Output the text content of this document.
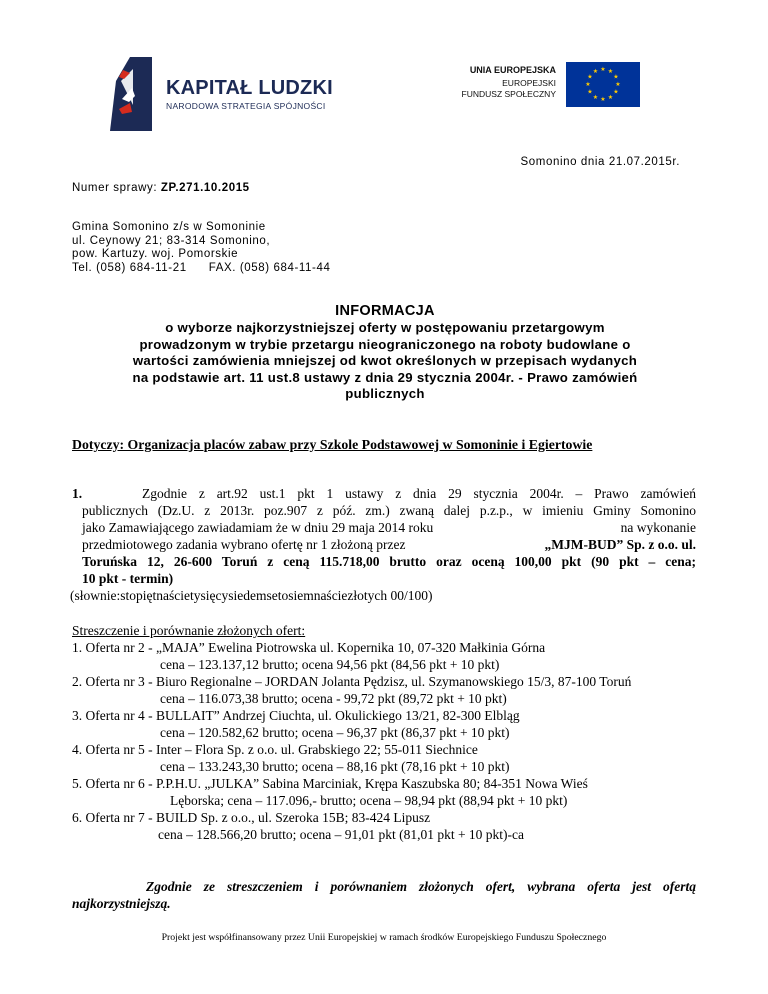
KAPITAŁ LUDZKI
NARODOWA STRATEGIA SPÓJNOŚCI
UNIA EUROPEJSKA
EUROPEJSKI
FUNDUSZ SPOŁECZNY
★ ★
★
★
★
★
★
★
★
★
★
★
Somonino dnia 21.07.2015r.
Numer sprawy: ZP.271.10.2015
Gmina Somonino z/s w Somoninie
ul. Ceynowy 21; 83-314 Somonino,
pow. Kartuzy. woj. Pomorskie
Tel. (058) 684-11-21 FAX. (058) 684-11-44
INFORMACJA
o wyborze najkorzystniejszej oferty w postępowaniu przetargowym
prowadzonym w trybie przetargu nieograniczonego na roboty budowlane o
wartości zamówienia mniejszej od kwot określonych w przepisach wydanych
na podstawie art. 11 ust.8 ustawy z dnia 29 stycznia 2004r. - Prawo zamówień
publicznych
Dotyczy: Organizacja placów zabaw przy Szkole Podstawowej w Somoninie i Egiertowie
1.	Zgodnie z art.92 ust.1 pkt 1 ustawy z dnia 29 stycznia 2004r. – Prawo zamówień
publicznych (Dz.U. z 2013r. poz.907 z póź. zm.) zwaną dalej p.z.p., w imieniu Gminy Somonino
jako Zamawiającego zawiadamiam że w dniu 29 maja 2014 roku	na wykonanie
przedmiotowego zadania wybrano ofertę nr 1 złożoną przez	„MJM-BUD” Sp. z o.o. ul.
Toruńska 12, 26-600 Toruń z ceną 115.718,00 brutto oraz oceną 100,00 pkt (90 pkt – cena;
10 pkt - termin)
(słownie:stopiętnaścietysięcysiedemsetosiemnaściezłotych 00/100)
Streszczenie i porównanie złożonych ofert:
1. Oferta nr 2 - „MAJA” Ewelina Piotrowska ul. Kopernika 10, 07-320 Małkinia Górna
cena – 123.137,12 brutto; ocena 94,56 pkt (84,56 pkt + 10 pkt)
2. Oferta nr 3 - Biuro Regionalne – JORDAN Jolanta Pędzisz, ul. Szymanowskiego 15/3, 87-100 Toruń
cena – 116.073,38 brutto; ocena - 99,72 pkt (89,72 pkt + 10 pkt)
3. Oferta nr 4 - BULLAIT” Andrzej Ciuchta, ul. Okulickiego 13/21, 82-300 Elbląg
cena – 120.582,62 brutto; ocena – 96,37 pkt (86,37 pkt + 10 pkt)
4. Oferta nr 5 - Inter – Flora Sp. z o.o. ul. Grabskiego 22; 55-011 Siechnice
cena – 133.243,30 brutto; ocena – 88,16 pkt (78,16 pkt + 10 pkt)
5. Oferta nr 6 - P.P.H.U. „JULKA” Sabina Marciniak, Krępa Kaszubska 80; 84-351 Nowa Wieś
Lęborska; cena – 117.096,- brutto; ocena – 98,94 pkt (88,94 pkt + 10 pkt)
6. Oferta nr 7 - BUILD Sp. z o.o., ul. Szeroka 15B; 83-424 Lipusz
cena – 128.566,20 brutto; ocena – 91,01 pkt (81,01 pkt + 10 pkt)-ca
Zgodnie ze streszczeniem i porównaniem złożonych ofert, wybrana oferta jest ofertą
najkorzystniejszą.
Projekt jest współfinansowany przez Unii Europejskiej w ramach środków Europejskiego Funduszu Społecznego
